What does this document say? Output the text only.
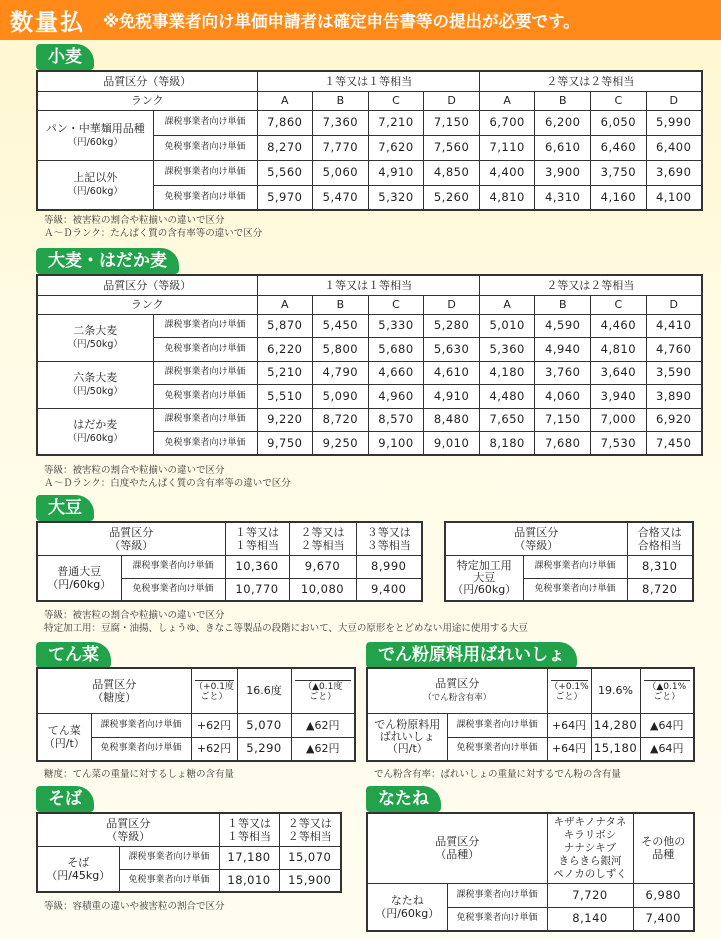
数量払 ※免税事業者向け単価申請者は確定申告書等の提出が必要です。
小麦
品質区分（等級）		１等又は１等相当				２等又は２等相当			
ランク		A	B	C	D	A	B	C	D
パン・中華麺用品種
（円/60kg）	課税事業者向け単価	7,860	7,360	7,210	7,150	6,700	6,200	6,050	5,990
	免税事業者向け単価	8,270	7,770	7,620	7,560	7,110	6,610	6,460	6,400
上記以外
（円/60kg）	課税事業者向け単価	5,560	5,060	4,910	4,850	4,400	3,900	3,750	3,690
	免税事業者向け単価	5,970	5,470	5,320	5,260	4,810	4,310	4,160	4,100
等級：被害粒の割合や粒揃いの違いで区分
Ａ～Ｄランク：たんぱく質の含有率等の違いで区分
大麦・はだか麦
品質区分（等級）		１等又は１等相当				２等又は２等相当			
ランク		A	B	C	D	A	B	C	D
二条大麦
（円/50kg）	課税事業者向け単価	5,870	5,450	5,330	5,280	5,010	4,590	4,460	4,410
	免税事業者向け単価	6,220	5,800	5,680	5,630	5,360	4,940	4,810	4,760
六条大麦
（円/50kg）	課税事業者向け単価	5,210	4,790	4,660	4,610	4,180	3,760	3,640	3,590
	免税事業者向け単価	5,510	5,090	4,960	4,910	4,480	4,060	3,940	3,890
はだか麦
（円/60kg）	課税事業者向け単価	9,220	8,720	8,570	8,480	7,650	7,150	7,000	6,920
	免税事業者向け単価	9,750	9,250	9,100	9,010	8,180	7,680	7,530	7,450
等級：被害粒の割合や粒揃いの違いで区分
Ａ～Ｄランク：白度やたんぱく質の含有率等の違いで区分
大豆
品質区分
（等級）		１等又は
１等相当	２等又は
２等相当	３等又は
３等相当
普通大豆
（円/60kg）	課税事業者向け単価	10,360	9,670	8,990
	免税事業者向け単価	10,770	10,080	9,400
品質区分
（等級）		合格又は
合格相当
特定加工用
大豆
（円/60kg）	課税事業者向け単価	8,310
	免税事業者向け単価	8,720
等級：被害粒の割合や粒揃いの違いで区分
特定加工用：豆腐・油揚、しょうゆ、きなこ等製品の段階において、大豆の原形をとどめない用途に使用する大豆
てん菜
品質区分
（糖度）		（+0.1度
ごと）	16.6度	（▲0.1度
ごと）
てん菜
（円/t）	課税事業者向け単価	+62円	5,070	▲62円
	免税事業者向け単価	+62円	5,290	▲62円
糖度：てん菜の重量に対するしょ糖の含有量
でん粉原料用ばれいしょ
品質区分
（でん粉含有率）		（+0.1%
ごと）	19.6%	（▲0.1%
ごと）
でん粉原料用
ばれいしょ
（円/t）	課税事業者向け単価	+64円	14,280	▲64円
	免税事業者向け単価	+64円	15,180	▲64円
でん粉含有率：ばれいしょの重量に対するでん粉の含有量
そば
品質区分
（等級）		１等又は
１等相当	２等又は
２等相当
そば
（円/45kg）	課税事業者向け単価	17,180	15,070
	免税事業者向け単価	18,010	15,900
等級：容積重の違いや被害粒の割合で区分
なたね
品質区分
（品種）		キザキノナタネ
キラリボシ
ナナシキブ
きらきら銀河
ペノカのしずく	その他の
品種
なたね
（円/60kg）	課税事業者向け単価	7,720	6,980
	免税事業者向け単価	8,140	7,400
